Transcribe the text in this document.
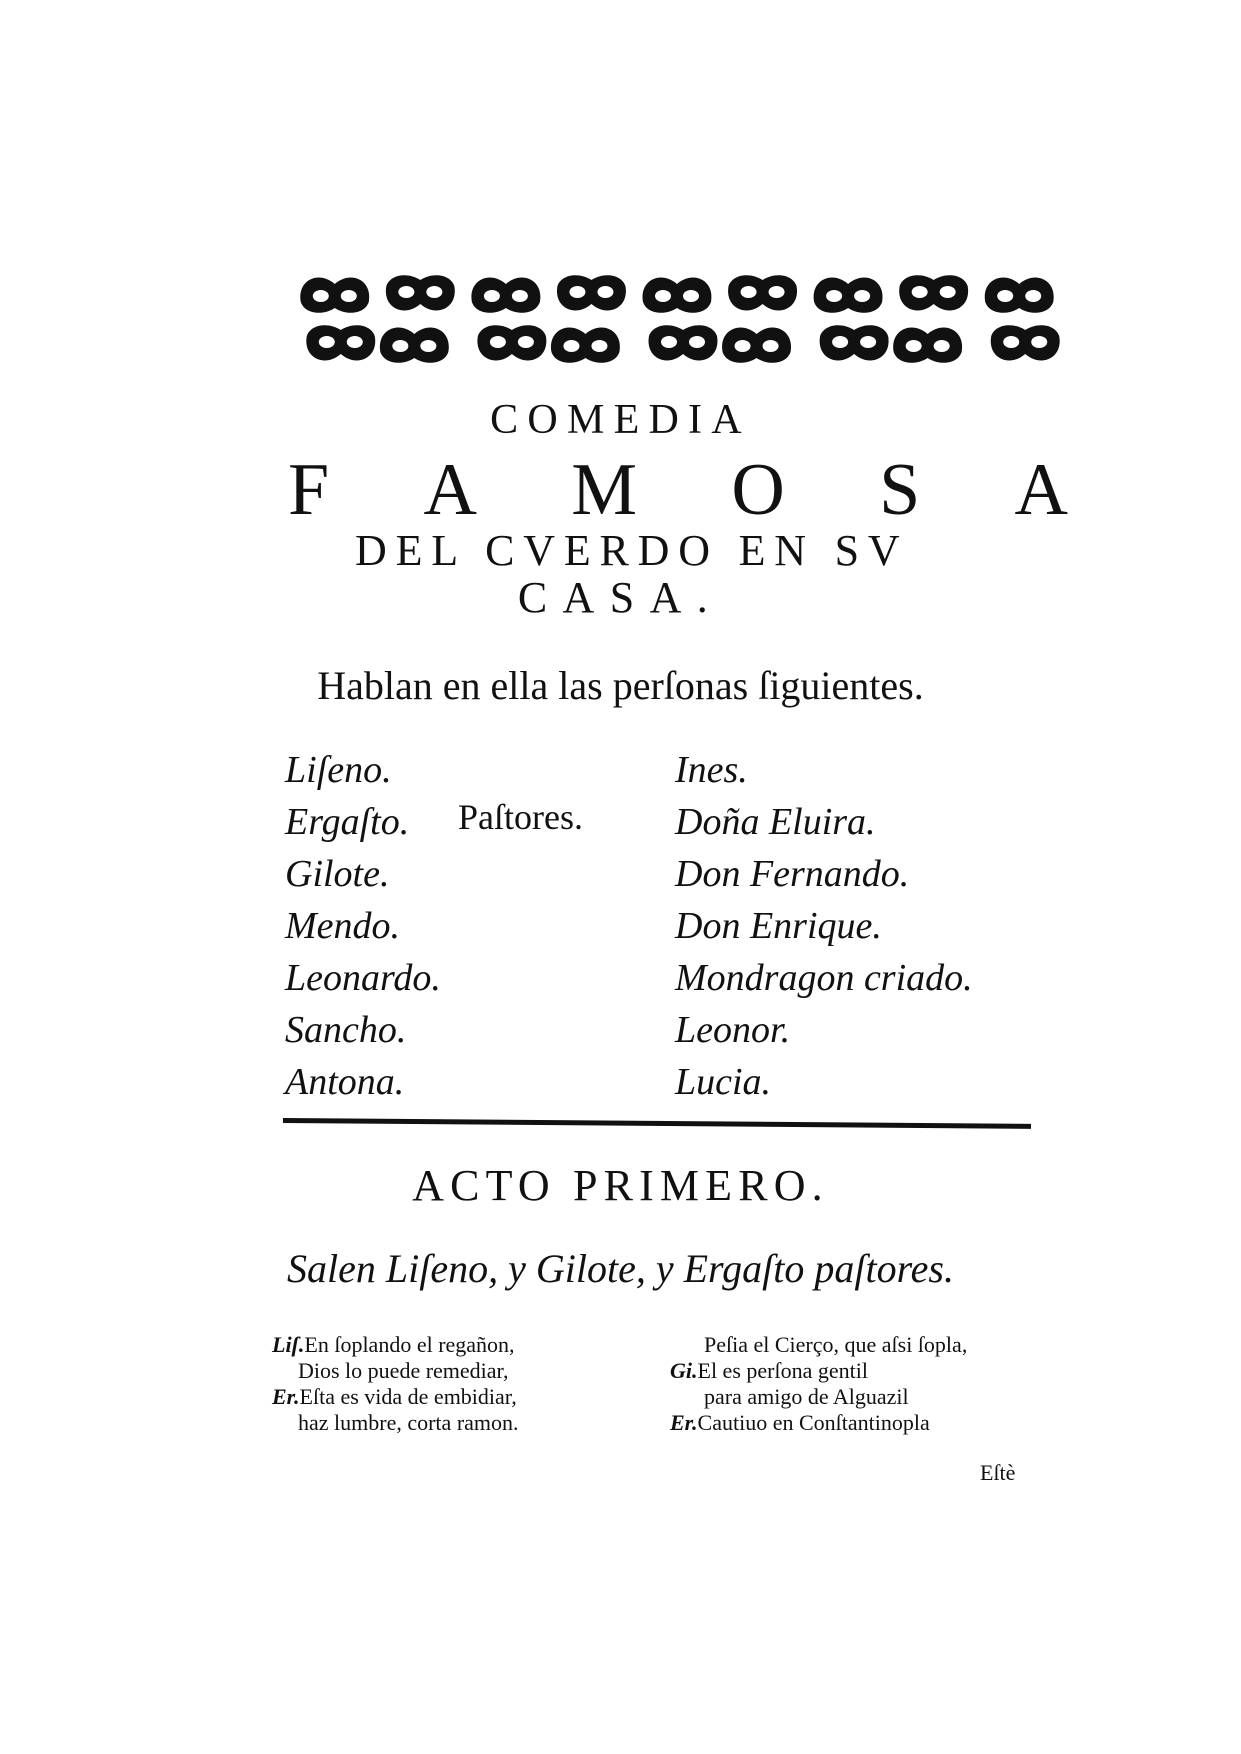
COMEDIA
F A M O S A
DEL CVERDO EN SV
CASA.
Hablan en ella las perſonas ſiguientes.
Liſeno.
Ergaſto.
Gilote.
Mendo.
Leonardo.
Sancho.
Antona.
Paſtores.
Ines.
Doña Eluira.
Don Fernando.
Don Enrique.
Mondragon criado.
Leonor.
Lucia.
ACTO PRIMERO.
Salen Liſeno, y Gilote, y Ergaſto paſtores.
Liſ.En ſoplando el regañon,
Dios lo puede remediar,
Er.Eſta es vida de embidiar,
haz lumbre, corta ramon.
Peſia el Cierço, que aſsi ſopla,
Gi.El es perſona gentil
para amigo de Alguazil
Er.Cautiuo en Conſtantinopla
Eſtè
